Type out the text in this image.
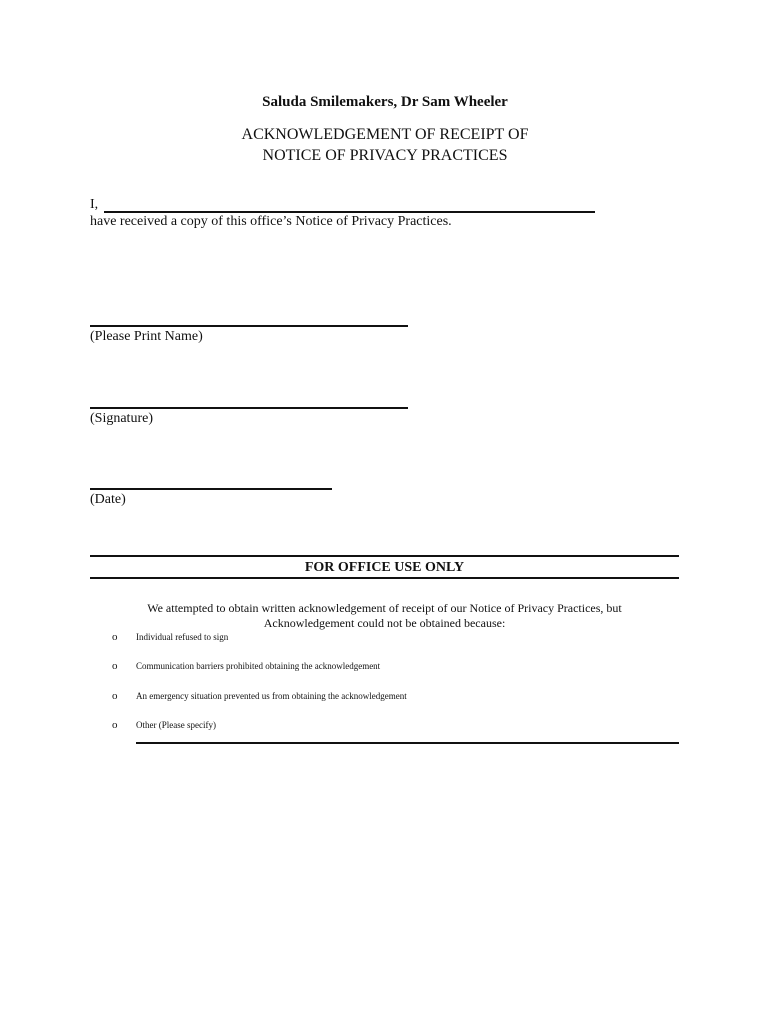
Saluda Smilemakers, Dr Sam Wheeler
ACKNOWLEDGEMENT OF RECEIPT OF
NOTICE OF PRIVACY PRACTICES
I,
have received a copy of this office’s Notice of Privacy Practices.
(Please Print Name)
(Signature)
(Date)
FOR OFFICE USE ONLY
We attempted to obtain written acknowledgement of receipt of our Notice of Privacy Practices, but
Acknowledgement could not be obtained because:
o Individual refused to sign
o Communication barriers prohibited obtaining the acknowledgement
o An emergency situation prevented us from obtaining the acknowledgement
o Other (Please specify)
